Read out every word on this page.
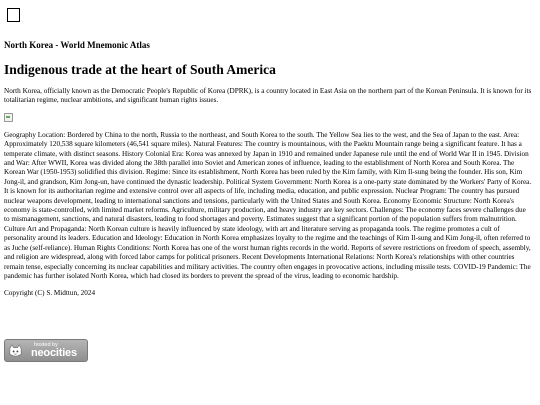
North Korea - World Mnemonic Atlas
Indigenous trade at the heart of South America

North Korea, officially known as the Democratic People's Republic of Korea (DPRK), is a country located in East Asia on the northern part of the Korean Peninsula. It is known for its totalitarian regime, nuclear ambitions, and significant human rights issues.

Geography Location: Bordered by China to the north, Russia to the northeast, and South Korea to the south. The Yellow Sea lies to the west, and the Sea of Japan to the east. Area: Approximately 120,538 square kilometers (46,541 square miles). Natural Features: The country is mountainous, with the Paektu Mountain range being a significant feature. It has a temperate climate, with distinct seasons. History Colonial Era: Korea was annexed by Japan in 1910 and remained under Japanese rule until the end of World War II in 1945. Division and War: After WWII, Korea was divided along the 38th parallel into Soviet and American zones of influence, leading to the establishment of North Korea and South Korea. The Korean War (1950-1953) solidified this division. Regime: Since its establishment, North Korea has been ruled by the Kim family, with Kim Il-sung being the founder. His son, Kim Jong-il, and grandson, Kim Jong-un, have continued the dynastic leadership. Political System Government: North Korea is a one-party state dominated by the Workers' Party of Korea. It is known for its authoritarian regime and extensive control over all aspects of life, including media, education, and public expression. Nuclear Program: The country has pursued nuclear weapons development, leading to international sanctions and tensions, particularly with the United States and South Korea. Economy Economic Structure: North Korea's economy is state-controlled, with limited market reforms. Agriculture, military production, and heavy industry are key sectors. Challenges: The economy faces severe challenges due to mismanagement, sanctions, and natural disasters, leading to food shortages and poverty. Estimates suggest that a significant portion of the population suffers from malnutrition. Culture Art and Propaganda: North Korean culture is heavily influenced by state ideology, with art and literature serving as propaganda tools. The regime promotes a cult of personality around its leaders. Education and Ideology: Education in North Korea emphasizes loyalty to the regime and the teachings of Kim Il-sung and Kim Jong-il, often referred to as Juche (self-reliance). Human Rights Conditions: North Korea has one of the worst human rights records in the world. Reports of severe restrictions on freedom of speech, assembly, and religion are widespread, along with forced labor camps for political prisoners. Recent Developments International Relations: North Korea's relationships with other countries remain tense, especially concerning its nuclear capabilities and military activities. The country often engages in provocative actions, including missile tests. COVID-19 Pandemic: The pandemic has further isolated North Korea, which had closed its borders to prevent the spread of the virus, leading to economic hardship.

Copyright (C) S. Midttun, 2024

hosted by
neocities
